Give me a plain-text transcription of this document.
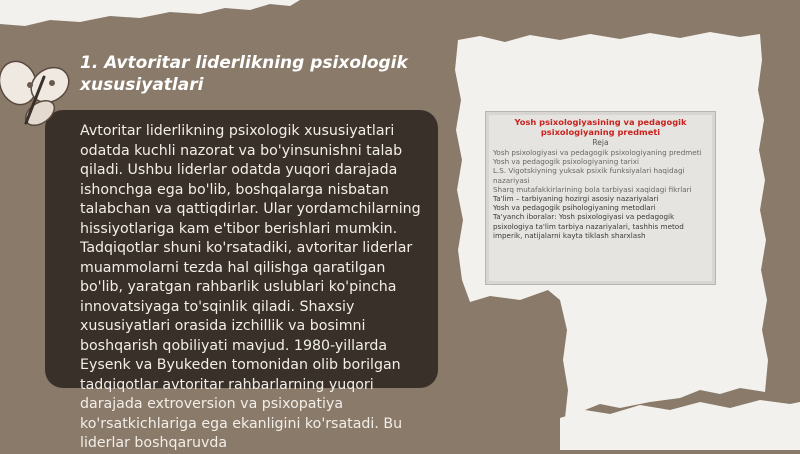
1. Avtoritar liderlikning psixologik xususiyatlari

Avtoritar liderlikning psixologik xususiyatlari odatda kuchli nazorat va bo'yinsunishni talab qiladi. Ushbu liderlar odatda yuqori darajada ishonchga ega bo'lib, boshqalarga nisbatan talabchan va qattiqdirlar. Ular yordamchilarning hissiyotlariga kam e'tibor berishlari mumkin. Tadqiqotlar shuni ko'rsatadiki, avtoritar liderlar muammolarni tezda hal qilishga qaratilgan bo'lib, yaratgan rahbarlik uslublari ko'pincha innovatsiyaga to'sqinlik qiladi. Shaxsiy xususiyatlari orasida izchillik va bosimni boshqarish qobiliyati mavjud. 1980-yillarda Eysenk va Byukeden tomonidan olib borilgan tadqiqotlar avtoritar rahbarlarning yuqori darajada extroversion va psixopatiya ko'rsatkichlariga ega ekanligini ko'rsatadi. Bu liderlar boshqaruvda

Yosh psixologiyasining va pedagogik psixologiyaning predmeti
Reja
Yosh psixologiyasi va pedagogik psixologiyaning predmeti
Yosh va pedagogik psixologiyaning tarixi
L.S. Vigotskiyning yuksak psixik funksiyalari haqidagi nazariyasi
Sharq mutafakkirlarining bola tarbiyasi xaqidagi fikrlari
Ta'lim – tarbiyaning hozirgi asosiy nazariyalari
Yosh va pedagogik psihologiyaning metodlari
Ta'yanch iboralar: Yosh psixologiyasi va pedagogik psixologiya ta'lim tarbiya nazariyalari, tashhis metod imperik, natijalarni kayta tiklash sharxlash
